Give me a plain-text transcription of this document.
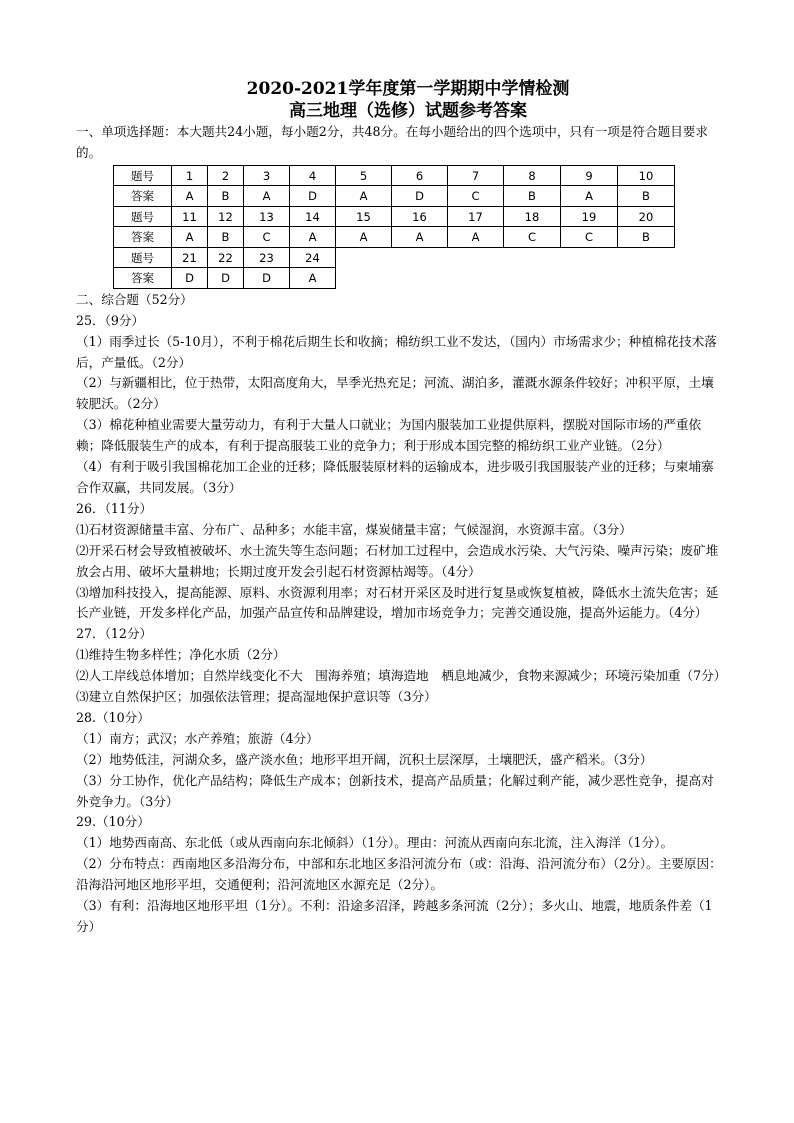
2020-2021学年度第一学期期中学情检测
高三地理（选修）试题参考答案

一、单项选择题：本大题共24小题，每小题2分，共48分。在每小题给出的四个选项中，只有一项是符合题目要求的。

题号	1	2	3	4	5	6	7	8	9	10
答案	A	B	A	D	A	D	C	B	A	B
题号	11	12	13	14	15	16	17	18	19	20
答案	A	B	C	A	A	A	A	C	C	B
题号	21	22	23	24						
答案	D	D	D	A						

二、综合题（52分）

25．（9分）

（1）雨季过长（5-10月），不利于棉花后期生长和收摘；棉纺织工业不发达，（国内）市场需求少；种植棉花技术落后，产量低。（2分）

（2）与新疆相比，位于热带，太阳高度角大，旱季光热充足；河流、湖泊多，灌溉水源条件较好；冲积平原，土壤较肥沃。（2分）

（3）棉花种植业需要大量劳动力，有利于大量人口就业；为国内服装加工业提供原料，摆脱对国际市场的严重依赖；降低服装生产的成本，有利于提高服装工业的竞争力；利于形成本国完整的棉纺织工业产业链。（2分）

（4）有利于吸引我国棉花加工企业的迁移；降低服装原材料的运输成本，进步吸引我国服装产业的迁移；与柬埔寨合作双赢，共同发展。（3分）

26．（11分）

⑴石材资源储量丰富、分布广、品种多；水能丰富，煤炭储量丰富；气候湿润，水资源丰富。（3分）

⑵开采石材会导致植被破坏、水土流失等生态问题；石材加工过程中，会造成水污染、大气污染、噪声污染；废矿堆放会占用、破坏大量耕地；长期过度开发会引起石材资源枯竭等。（4分）

⑶增加科技投入，提高能源、原料、水资源利用率；对石材开采区及时进行复垦或恢复植被，降低水土流失危害；延长产业链，开发多样化产品，加强产品宣传和品牌建设，增加市场竞争力；完善交通设施，提高外运能力。（4分）

27．（12分）

⑴维持生物多样性；净化水质（2分）

⑵人工岸线总体增加；自然岸线变化不大　围海养殖；填海造地　栖息地减少，食物来源减少；环境污染加重（7分）

⑶建立自然保护区；加强依法管理；提高湿地保护意识等（3分）

28.（10分）

（1）南方；武汉；水产养殖；旅游（4分）

（2）地势低洼，河湖众多，盛产淡水鱼；地形平坦开阔，沉积土层深厚，土壤肥沃，盛产稻米。（3分）

（3）分工协作，优化产品结构；降低生产成本；创新技术，提高产品质量；化解过剩产能，减少恶性竞争，提高对外竞争力。（3分）

29.（10分）

（1）地势西南高、东北低（或从西南向东北倾斜）（1分）。理由：河流从西南向东北流，注入海洋（1分）。

（2）分布特点：西南地区多沿海分布，中部和东北地区多沿河流分布（或：沿海、沿河流分布）（2分）。主要原因：沿海沿河地区地形平坦，交通便利；沿河流地区水源充足（2分）。

（3）有利：沿海地区地形平坦（1分）。不利：沿途多沼泽，跨越多条河流（2分）；多火山、地震，地质条件差（1分）
